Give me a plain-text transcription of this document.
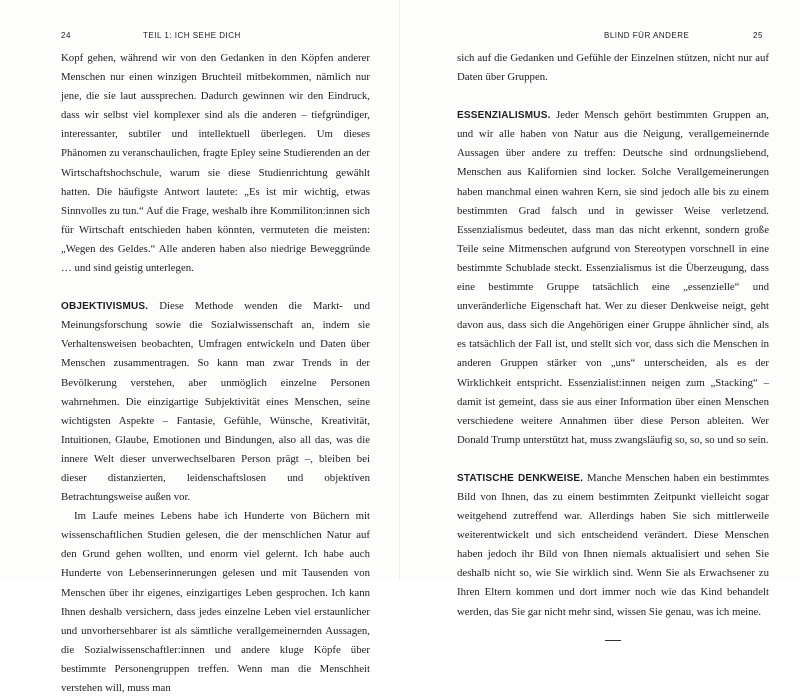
24	TEIL 1: ICH SEHE DICH

Kopf gehen, während wir von den Gedanken in den Köpfen anderer Menschen nur einen winzigen Bruchteil mitbekommen, nämlich nur jene, die sie laut aussprechen. Dadurch gewinnen wir den Eindruck, dass wir selbst viel komplexer sind als die anderen – tiefgründiger, interessanter, subtiler und intellektuell überlegen. Um dieses Phänomen zu veranschaulichen, fragte Epley seine Studierenden an der Wirtschaftshochschule, warum sie diese Studienrichtung gewählt hatten. Die häufigste Antwort lautete: „Es ist mir wichtig, etwas Sinnvolles zu tun.“ Auf die Frage, weshalb ihre Kommiliton:innen sich für Wirtschaft entschieden haben könnten, vermuteten die meisten: „Wegen des Geldes.“ Alle anderen haben also niedrige Beweggründe … und sind geistig unterlegen.

OBJEKTIVISMUS. Diese Methode wenden die Markt- und Meinungsforschung sowie die Sozialwissenschaft an, indem sie Verhaltensweisen beobachten, Umfragen entwickeln und Daten über Menschen zusammentragen. So kann man zwar Trends in der Bevölkerung verstehen, aber unmöglich einzelne Personen wahrnehmen. Die einzigartige Subjektivität eines Menschen, seine wichtigsten Aspekte – Fantasie, Gefühle, Wünsche, Kreativität, Intuitionen, Glaube, Emotionen und Bindungen, also all das, was die innere Welt dieser unverwechselbaren Person prägt –, bleiben bei dieser distanzierten, leidenschaftslosen und objektiven Betrachtungsweise außen vor.

Im Laufe meines Lebens habe ich Hunderte von Büchern mit wissenschaftlichen Studien gelesen, die der menschlichen Natur auf den Grund gehen wollten, und enorm viel gelernt. Ich habe auch Hunderte von Lebenserinnerungen gelesen und mit Tausenden von Menschen über ihr eigenes, einzigartiges Leben gesprochen. Ich kann Ihnen deshalb versichern, dass jedes einzelne Leben viel erstaunlicher und unvorhersehbarer ist als sämtliche verallgemeinernden Aussagen, die Sozialwissenschaftler:innen und andere kluge Köpfe über bestimmte Personengruppen treffen. Wenn man die Menschheit verstehen will, muss man

BLIND FÜR ANDERE	25

sich auf die Gedanken und Gefühle der Einzelnen stützen, nicht nur auf Daten über Gruppen.

ESSENZIALISMUS. Jeder Mensch gehört bestimmten Gruppen an, und wir alle haben von Natur aus die Neigung, verallgemeinernde Aussagen über andere zu treffen: Deutsche sind ordnungsliebend, Menschen aus Kalifornien sind locker. Solche Verallgemeinerungen haben manchmal einen wahren Kern, sie sind jedoch alle bis zu einem bestimmten Grad falsch und in gewisser Weise verletzend. Essenzialismus bedeutet, dass man das nicht erkennt, sondern große Teile seine Mitmenschen aufgrund von Stereotypen vorschnell in eine bestimmte Schublade steckt. Essenzialismus ist die Überzeugung, dass eine bestimmte Gruppe tatsächlich eine „essenzielle“ und unveränderliche Eigenschaft hat. Wer zu dieser Denkweise neigt, geht davon aus, dass sich die Angehörigen einer Gruppe ähnlicher sind, als es tatsächlich der Fall ist, und stellt sich vor, dass sich die Menschen in anderen Gruppen stärker von „uns“ unterscheiden, als es der Wirklichkeit entspricht. Essenzialist:innen neigen zum „Stacking“ – damit ist gemeint, dass sie aus einer Information über einen Menschen verschiedene weitere Annahmen über diese Person ableiten. Wer Donald Trump unterstützt hat, muss zwangsläufig so, so, so und so sein.

STATISCHE DENKWEISE. Manche Menschen haben ein bestimmtes Bild von Ihnen, das zu einem bestimmten Zeitpunkt vielleicht sogar weitgehend zutreffend war. Allerdings haben Sie sich mittlerweile weiterentwickelt und sich entscheidend verändert. Diese Menschen haben jedoch ihr Bild von Ihnen niemals aktualisiert und sehen Sie deshalb nicht so, wie Sie wirklich sind. Wenn Sie als Erwachsener zu Ihren Eltern kommen und dort immer noch wie das Kind behandelt werden, das Sie gar nicht mehr sind, wissen Sie genau, was ich meine.
